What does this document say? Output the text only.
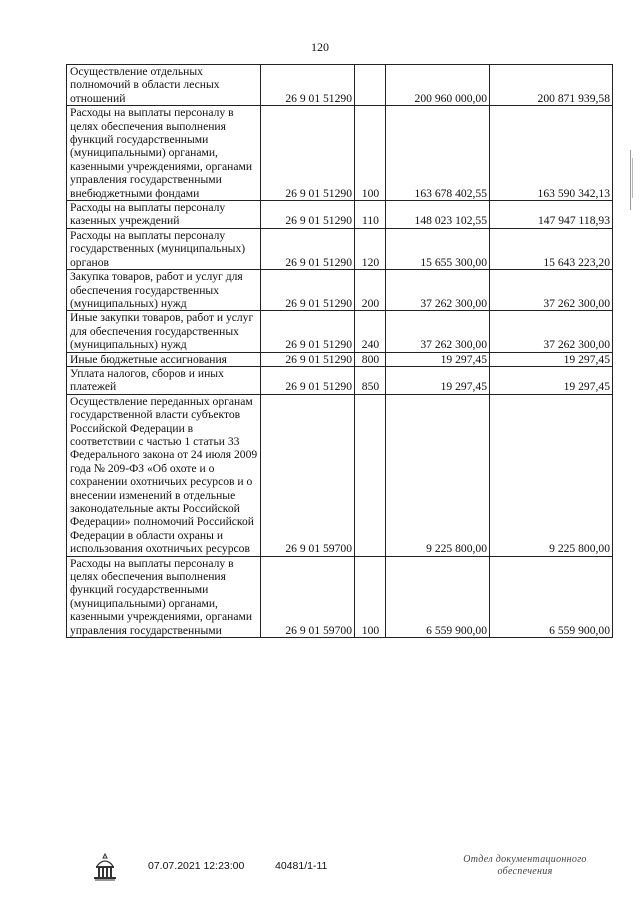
120
Осуществление отдельных полномочий в области лесных отношений	26 9 01 51290		200 960 000,00	200 871 939,58
Расходы на выплаты персоналу в целях обеспечения выполнения функций государственными (муниципальными) органами, казенными учреждениями, органами управления государственными внебюджетными фондами	26 9 01 51290	100	163 678 402,55	163 590 342,13
Расходы на выплаты персоналу казенных учреждений	26 9 01 51290	110	148 023 102,55	147 947 118,93
Расходы на выплаты персоналу государственных (муниципальных) органов	26 9 01 51290	120	15 655 300,00	15 643 223,20
Закупка товаров, работ и услуг для обеспечения государственных (муниципальных) нужд	26 9 01 51290	200	37 262 300,00	37 262 300,00
Иные закупки товаров, работ и услуг для обеспечения государственных (муниципальных) нужд	26 9 01 51290	240	37 262 300,00	37 262 300,00
Иные бюджетные ассигнования	26 9 01 51290	800	19 297,45	19 297,45
Уплата налогов, сборов и иных платежей	26 9 01 51290	850	19 297,45	19 297,45
Осуществление переданных органам государственной власти субъектов Российской Федерации в соответствии с частью 1 статьи 33 Федерального закона от 24 июля 2009 года № 209-ФЗ «Об охоте и о сохранении охотничьих ресурсов и о внесении изменений в отдельные законодательные акты Российской Федерации» полномочий Российской Федерации в области охраны и использования охотничьих ресурсов	26 9 01 59700		9 225 800,00	9 225 800,00
Расходы на выплаты персоналу в целях обеспечения выполнения функций государственными (муниципальными) органами, казенными учреждениями, органами управления государственными	26 9 01 59700	100	6 559 900,00	6 559 900,00
07.07.2021 12:23:00	40481/1-11
Отдел документационного
обеспечения
